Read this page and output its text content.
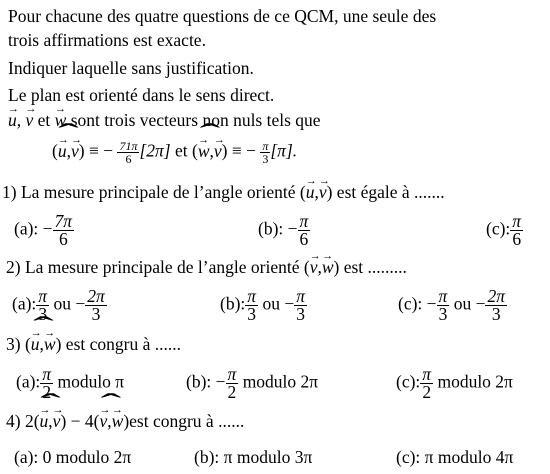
Pour chacune des quatre questions de ce QCM, une seule des
trois affirmations est exacte.
Indiquer laquelle sans justification.
Le plan est orienté dans le sens direct.
→ u, → v et → w sont trois vecteurs non nuls tels que
(→ u,→ v ˆ) ≡ − $\frac{71\pi}{6} [2\pi]$ et (→ w,→ v ˆ) ≡ − $\frac{\pi}{3} [\pi]$.
1) La mesure principale de l’angle orienté (→ u,→ v) est égale à .......
(a): − $\frac{7\pi}{6}$	(b): − $\frac{\pi}{6}$	(c): $\frac{\pi}{6}$
2) La mesure principale de l’angle orienté (→ v,→ w) est .........
(a): $\frac{\pi}{3}$ ou − $\frac{2\pi}{3}$	(b): $\frac{\pi}{3}$ ou − $\frac{\pi}{3}$	(c): − $\frac{\pi}{3}$ ou − $\frac{2\pi}{3}$
3) (→ u,→ w ˆ) est congru à ......
(a): $\frac{\pi}{2}$ modulo π	(b): − $\frac{\pi}{2}$ modulo 2π	(c): $\frac{\pi}{2}$ modulo 2π
4) 2(→ u,→ v ˆ) − 4(→ v,→ w ˆ)est congru à ......
(a): 0 modulo 2π	(b): π modulo 3π	(c): π modulo 4π
